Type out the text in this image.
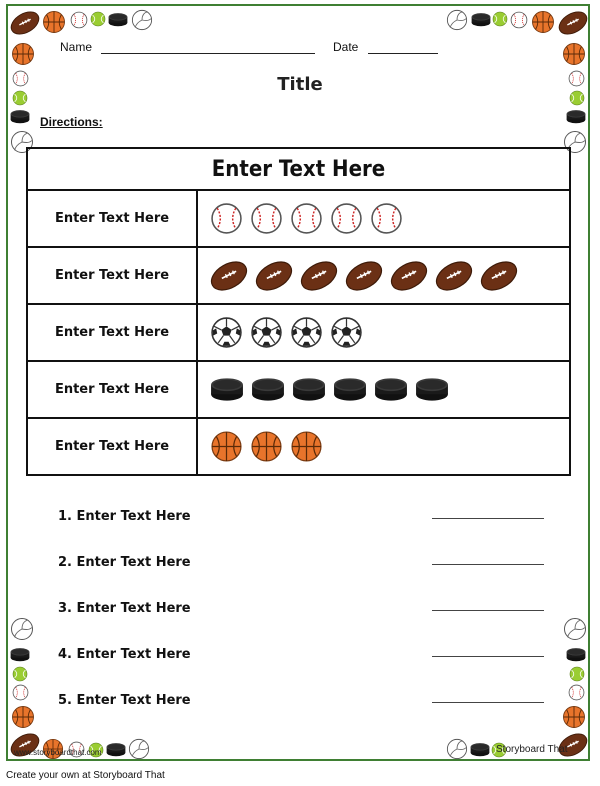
Name	Date
Title
Directions:
Enter Text Here
Enter Text Here
Enter Text Here
Enter Text Here
Enter Text Here
Enter Text Here
1. Enter Text Here
2. Enter Text Here
3. Enter Text Here
4. Enter Text Here
5. Enter Text Here
www.storyboardthat.com	Storyboard That
Create your own at Storyboard That
